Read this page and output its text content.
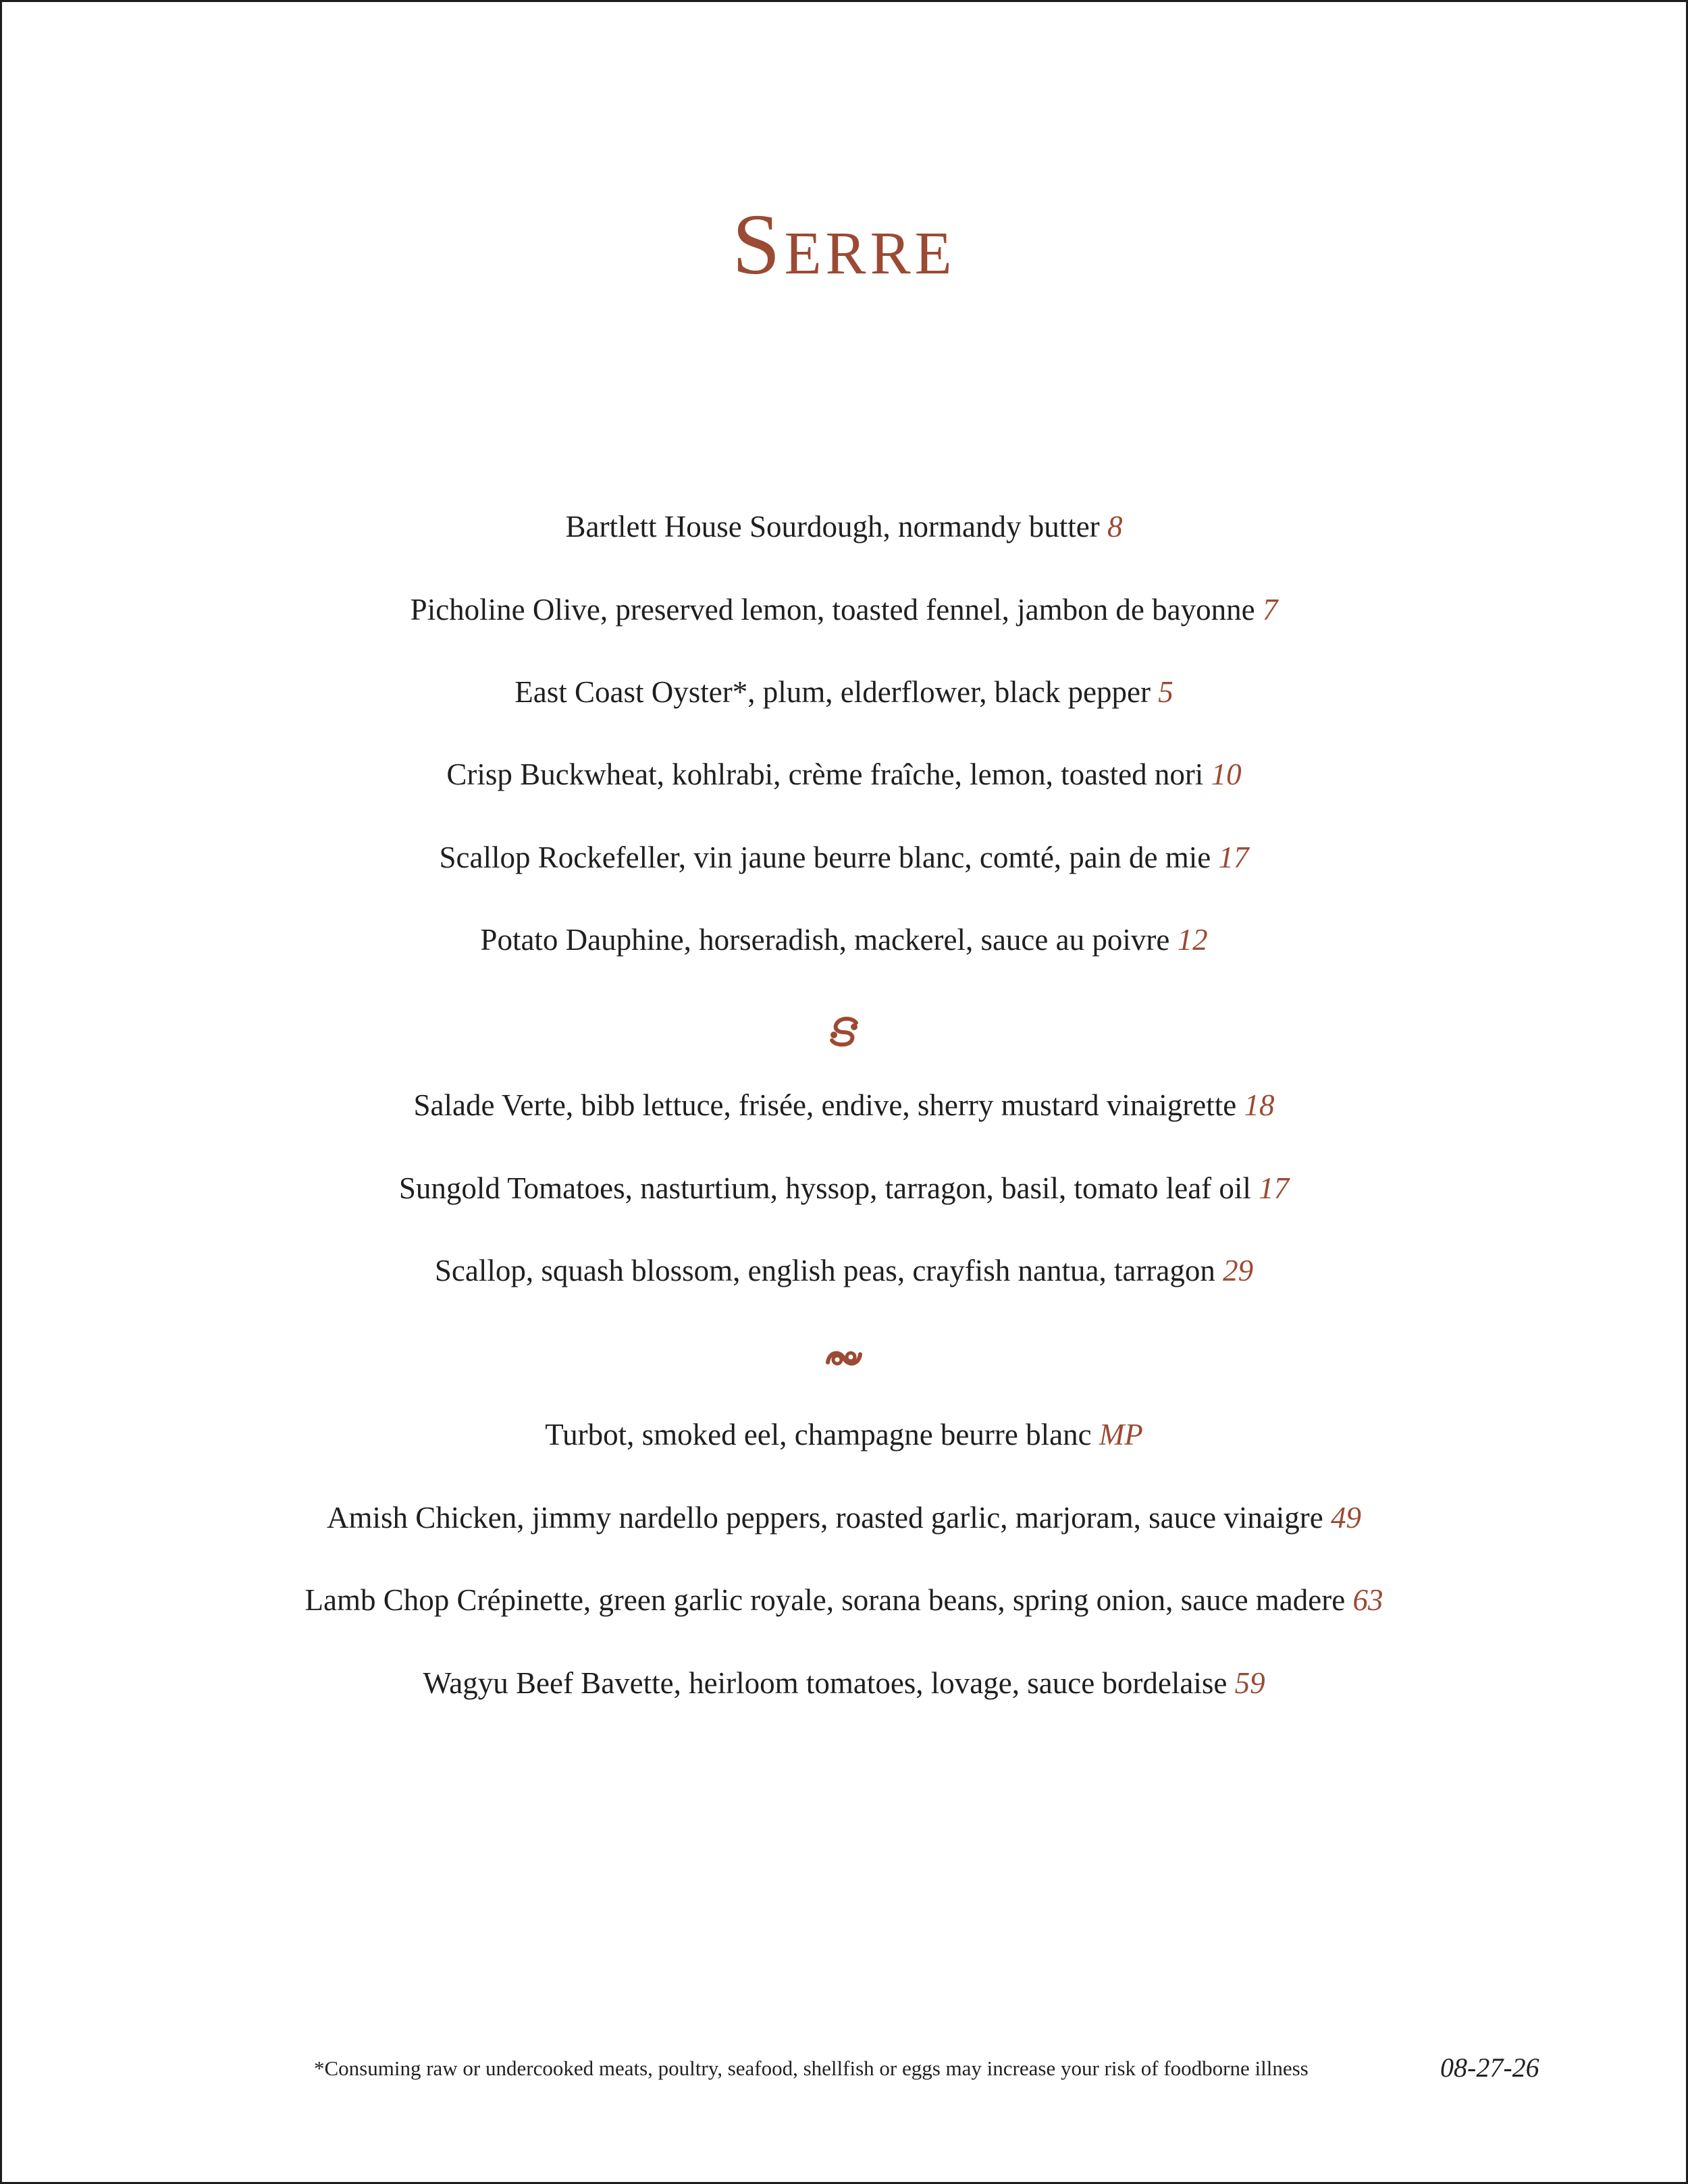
Serre
Bartlett House Sourdough, normandy butter 8
Picholine Olive, preserved lemon, toasted fennel, jambon de bayonne 7
East Coast Oyster*, plum, elderflower, black pepper 5
Crisp Buckwheat, kohlrabi, crème fraîche, lemon, toasted nori 10
Scallop Rockefeller, vin jaune beurre blanc, comté, pain de mie 17
Potato Dauphine, horseradish, mackerel, sauce au poivre 12
Salade Verte, bibb lettuce, frisée, endive, sherry mustard vinaigrette 18
Sungold Tomatoes, nasturtium, hyssop, tarragon, basil, tomato leaf oil 17
Scallop, squash blossom, english peas, crayfish nantua, tarragon 29
Turbot, smoked eel, champagne beurre blanc MP
Amish Chicken, jimmy nardello peppers, roasted garlic, marjoram, sauce vinaigre 49
Lamb Chop Crépinette, green garlic royale, sorana beans, spring onion, sauce madere 63
Wagyu Beef Bavette, heirloom tomatoes, lovage, sauce bordelaise 59
*Consuming raw or undercooked meats, poultry, seafood, shellfish or eggs may increase your risk of foodborne illness	08-27-26
